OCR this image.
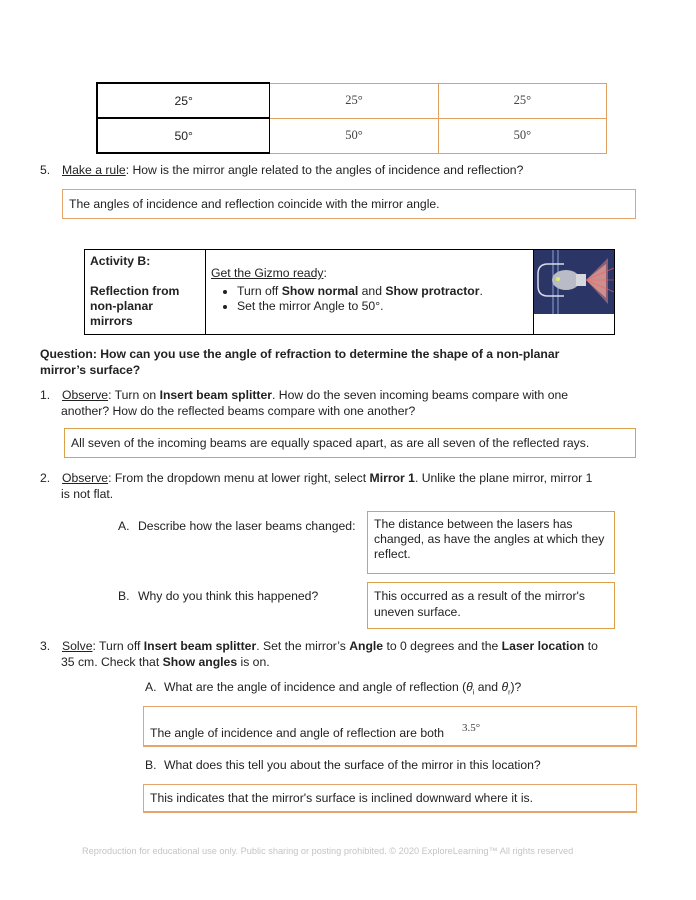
25°	25°	25°
50°	50°	50°
5. Make a rule: How is the mirror angle related to the angles of incidence and reflection?
The angles of incidence and reflection coincide with the mirror angle.
Activity B:
Reflection from non-planar mirrors

Get the Gizmo ready:
• Turn off Show normal and Show protractor.
• Set the mirror Angle to 50°.

Question: How can you use the angle of refraction to determine the shape of a non-planar
mirror’s surface?
1. Observe: Turn on Insert beam splitter. How do the seven incoming beams compare with one
another? How do the reflected beams compare with one another?
All seven of the incoming beams are equally spaced apart, as are all seven of the reflected rays.
2. Observe: From the dropdown menu at lower right, select Mirror 1. Unlike the plane mirror, mirror 1
is not flat.
A. Describe how the laser beams changed:	The distance between the lasers has changed, as have the angles at which they reflect.
B. Why do you think this happened?	This occurred as a result of the mirror's uneven surface.
3. Solve: Turn off Insert beam splitter. Set the mirror’s Angle to 0 degrees and the Laser location to
35 cm. Check that Show angles is on.
A. What are the angle of incidence and angle of reflection ($\theta_i$ and $\theta_r$)?
The angle of incidence and angle of reflection are both 3.5°
B. What does this tell you about the surface of the mirror in this location?
This indicates that the mirror's surface is inclined downward where it is.
Reproduction for educational use only. Public sharing or posting prohibited. © 2020 ExploreLearning™ All rights reserved
